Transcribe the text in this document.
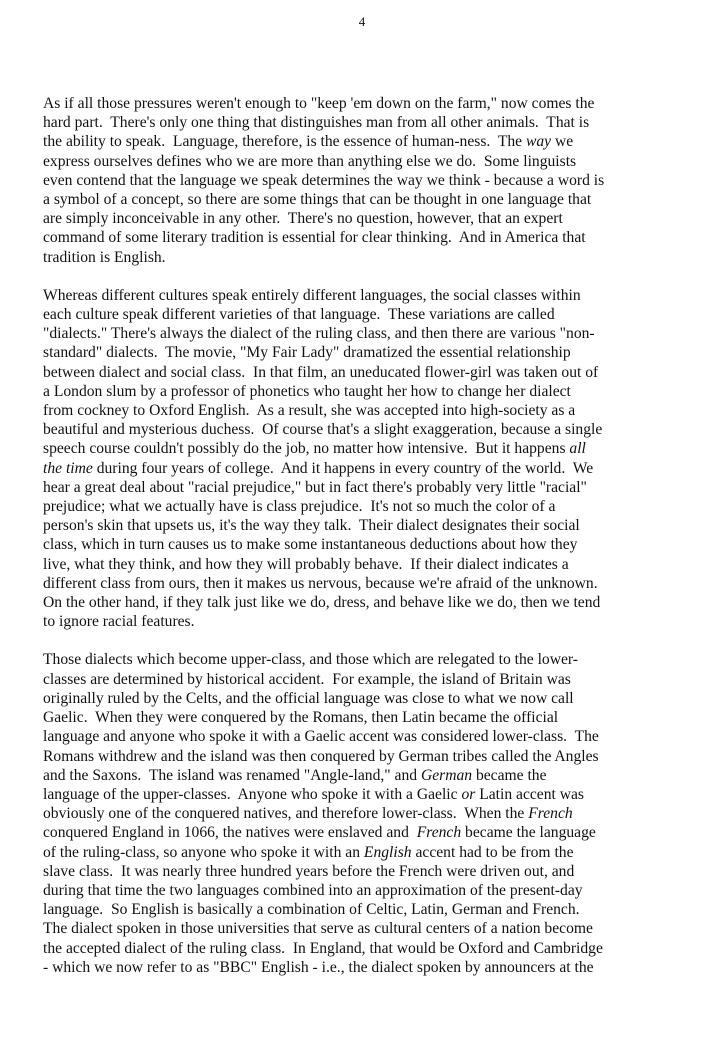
4
As if all those pressures weren't enough to "keep 'em down on the farm," now comes the
hard part.  There's only one thing that distinguishes man from all other animals.  That is
the ability to speak.  Language, therefore, is the essence of human-ness.  The way we
express ourselves defines who we are more than anything else we do.  Some linguists
even contend that the language we speak determines the way we think - because a word is
a symbol of a concept, so there are some things that can be thought in one language that
are simply inconceivable in any other.  There's no question, however, that an expert
command of some literary tradition is essential for clear thinking.  And in America that
tradition is English.
Whereas different cultures speak entirely different languages, the social classes within
each culture speak different varieties of that language.  These variations are called
"dialects." There's always the dialect of the ruling class, and then there are various "non-
standard" dialects.  The movie, "My Fair Lady" dramatized the essential relationship
between dialect and social class.  In that film, an uneducated flower-girl was taken out of
a London slum by a professor of phonetics who taught her how to change her dialect
from cockney to Oxford English.  As a result, she was accepted into high-society as a
beautiful and mysterious duchess.  Of course that's a slight exaggeration, because a single
speech course couldn't possibly do the job, no matter how intensive.  But it happens all
the time during four years of college.  And it happens in every country of the world.  We
hear a great deal about "racial prejudice," but in fact there's probably very little "racial"
prejudice; what we actually have is class prejudice.  It's not so much the color of a
person's skin that upsets us, it's the way they talk.  Their dialect designates their social
class, which in turn causes us to make some instantaneous deductions about how they
live, what they think, and how they will probably behave.  If their dialect indicates a
different class from ours, then it makes us nervous, because we're afraid of the unknown.
On the other hand, if they talk just like we do, dress, and behave like we do, then we tend
to ignore racial features.
Those dialects which become upper-class, and those which are relegated to the lower-
classes are determined by historical accident.  For example, the island of Britain was
originally ruled by the Celts, and the official language was close to what we now call
Gaelic.  When they were conquered by the Romans, then Latin became the official
language and anyone who spoke it with a Gaelic accent was considered lower-class.  The
Romans withdrew and the island was then conquered by German tribes called the Angles
and the Saxons.  The island was renamed "Angle-land," and German became the
language of the upper-classes.  Anyone who spoke it with a Gaelic or Latin accent was
obviously one of the conquered natives, and therefore lower-class.  When the French
conquered England in 1066, the natives were enslaved and  French became the language
of the ruling-class, so anyone who spoke it with an English accent had to be from the
slave class.  It was nearly three hundred years before the French were driven out, and
during that time the two languages combined into an approximation of the present-day
language.  So English is basically a combination of Celtic, Latin, German and French.
The dialect spoken in those universities that serve as cultural centers of a nation become
the accepted dialect of the ruling class.  In England, that would be Oxford and Cambridge
- which we now refer to as "BBC" English - i.e., the dialect spoken by announcers at the
